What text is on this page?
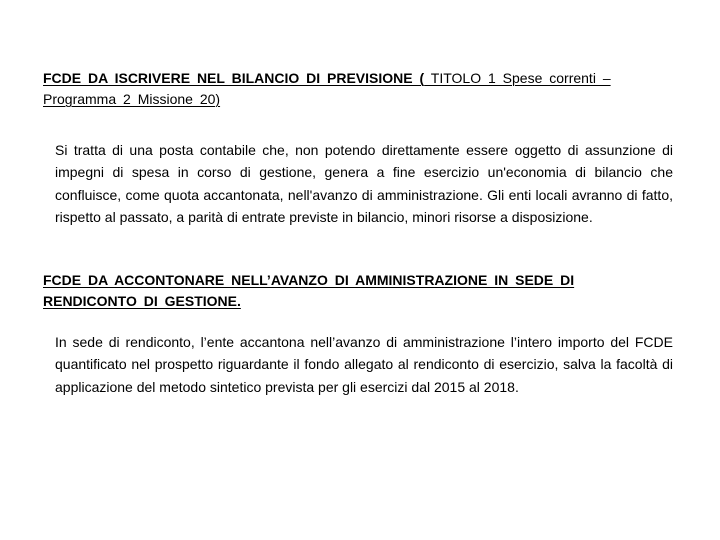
FCDE DA ISCRIVERE NEL BILANCIO DI PREVISIONE ( TITOLO 1 Spese correnti –
Programma 2 Missione 20)
Si tratta di una posta contabile che, non potendo direttamente essere oggetto di assunzione di impegni di spesa in corso di gestione, genera a fine esercizio un'economia di bilancio che confluisce, come quota accantonata, nell'avanzo di amministrazione. Gli enti locali avranno di fatto, rispetto al passato, a parità di entrate previste in bilancio, minori risorse a disposizione.
FCDE DA ACCONTONARE NELL’AVANZO DI AMMINISTRAZIONE IN SEDE DI
RENDICONTO DI GESTIONE.
In sede di rendiconto, l’ente accantona nell’avanzo di amministrazione l’intero importo del FCDE quantificato nel prospetto riguardante il fondo allegato al rendiconto di esercizio, salva la facoltà di applicazione del metodo sintetico prevista per gli esercizi dal 2015 al 2018.
